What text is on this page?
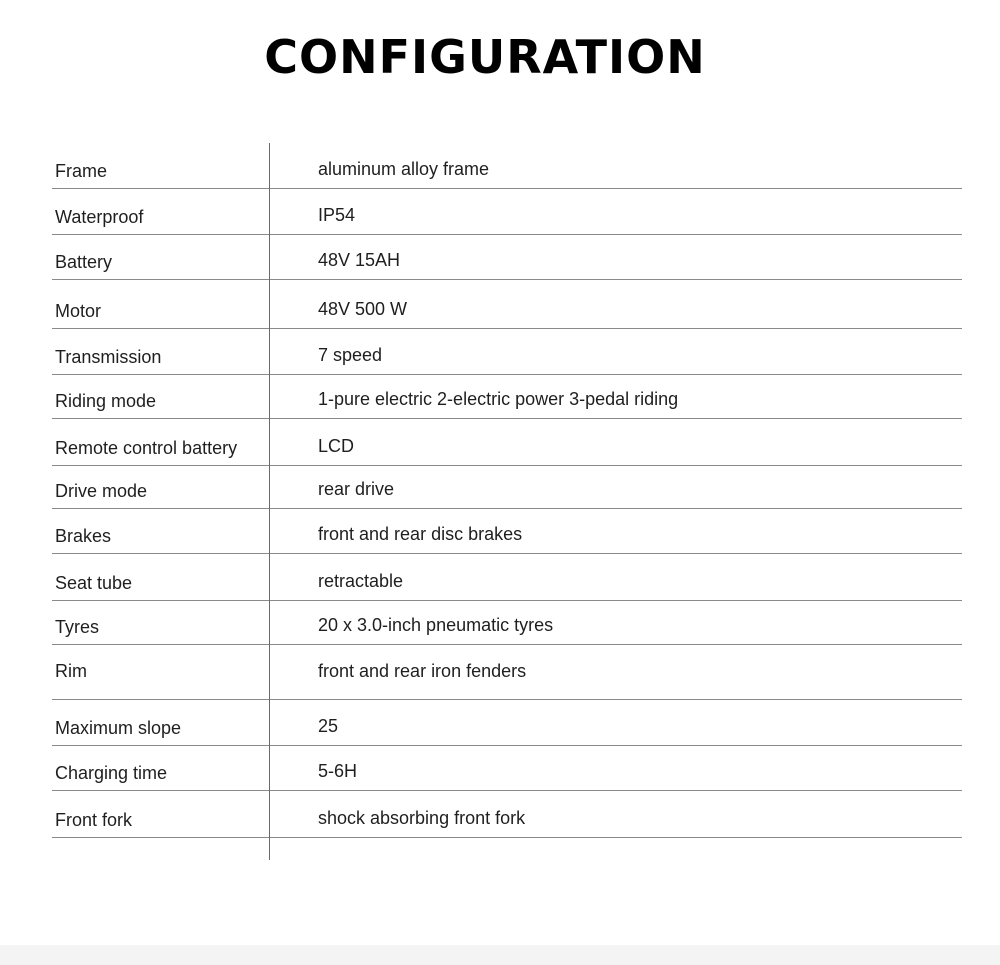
CONFIGURATION
Frame	aluminum alloy frame
Waterproof	IP54
Battery	48V 15AH
Motor	48V 500 W
Transmission	7 speed
Riding mode	1-pure electric 2-electric power 3-pedal riding
Remote control battery	LCD
Drive mode	rear drive
Brakes	front and rear disc brakes
Seat tube	retractable
Tyres	20 x 3.0-inch pneumatic tyres
Rim	front and rear iron fenders
Maximum slope	25
Charging time	5-6H
Front fork	shock absorbing front fork
